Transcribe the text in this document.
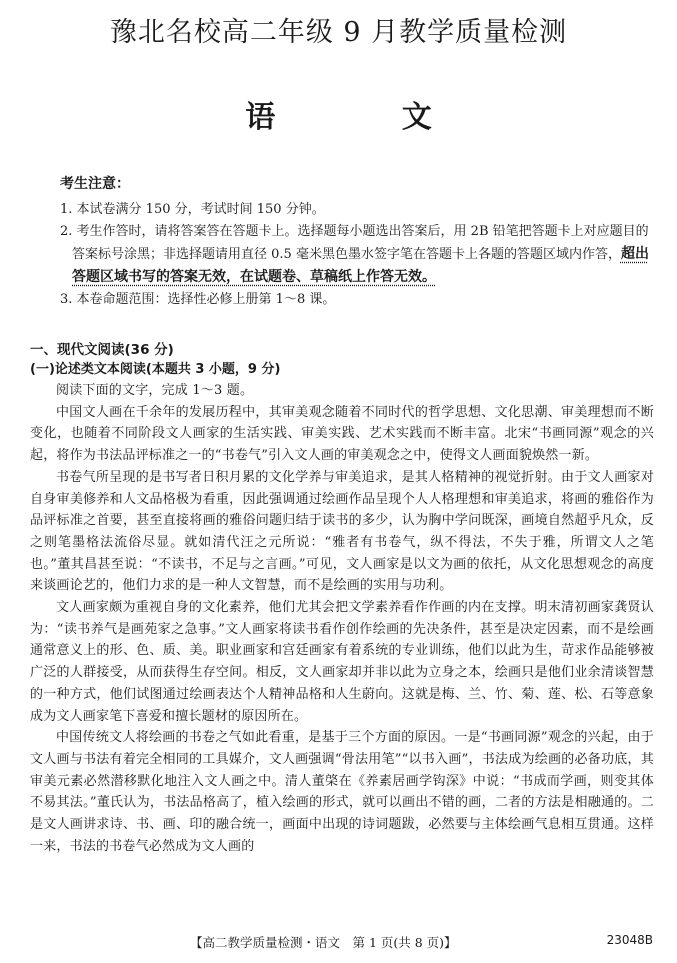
豫北名校高二年级 9 月教学质量检测
语 文
考生注意：
1. 本试卷满分 150 分，考试时间 150 分钟。
2. 考生作答时，请将答案答在答题卡上。选择题每小题选出答案后，用 2B 铅笔把答题卡上对应题目的答案标号涂黑；非选择题请用直径 0.5 毫米黑色墨水签字笔在答题卡上各题的答题区域内作答，超出答题区域书写的答案无效，在试题卷、草稿纸上作答无效。
3. 本卷命题范围：选择性必修上册第 1～8 课。
一、现代文阅读(36 分)
(一)论述类文本阅读(本题共 3 小题，9 分)

阅读下面的文字，完成 1～3 题。

中国文人画在千余年的发展历程中，其审美观念随着不同时代的哲学思想、文化思潮、审美理想而不断变化，也随着不同阶段文人画家的生活实践、审美实践、艺术实践而不断丰富。北宋“书画同源”观念的兴起，将作为书法品评标准之一的“书卷气”引入文人画的审美观念之中，使得文人画面貌焕然一新。

书卷气所呈现的是书写者日积月累的文化学养与审美追求，是其人格精神的视觉折射。由于文人画家对自身审美修养和人文品格极为看重，因此强调通过绘画作品呈现个人人格理想和审美追求，将画的雅俗作为品评标准之首要，甚至直接将画的雅俗问题归结于读书的多少，认为胸中学问既深，画境自然超乎凡众，反之则笔墨格法流俗尽显。就如清代汪之元所说：“雅者有书卷气，纵不得法，不失于雅，所谓文人之笔也。”董其昌甚至说：“不读书，不足与之言画。”可见，文人画家是以文为画的依托，从文化思想观念的高度来谈画论艺的，他们力求的是一种人文智慧，而不是绘画的实用与功利。

文人画家颇为重视自身的文化素养，他们尤其会把文学素养看作作画的内在支撑。明末清初画家龚贤认为：“读书养气是画苑家之急事。”文人画家将读书看作创作绘画的先决条件，甚至是决定因素，而不是绘画通常意义上的形、色、质、美。职业画家和宫廷画家有着系统的专业训练，他们以此为生，苛求作品能够被广泛的人群接受，从而获得生存空间。相反，文人画家却并非以此为立身之本，绘画只是他们业余清谈智慧的一种方式，他们试图通过绘画表达个人精神品格和人生蔚向。这就是梅、兰、竹、菊、莲、松、石等意象成为文人画家笔下喜爱和擅长题材的原因所在。

中国传统文人将绘画的书卷之气如此看重，是基于三个方面的原因。一是“书画同源”观念的兴起，由于文人画与书法有着完全相同的工具媒介，文人画强调“骨法用笔”“以书入画”，书法成为绘画的必备功底，其审美元素必然潜移默化地注入文人画之中。清人董棨在《养素居画学钩深》中说：“书成而学画，则变其体不易其法。”董氏认为，书法品格高了，植入绘画的形式，就可以画出不错的画，二者的方法是相融通的。二是文人画讲求诗、书、画、印的融合统一，画面中出现的诗词题跋，必然要与主体绘画气息相互贯通。这样一来，书法的书卷气必然成为文人画的

【高二教学质量检测・语文　第 1 页(共 8 页)】	23048B
